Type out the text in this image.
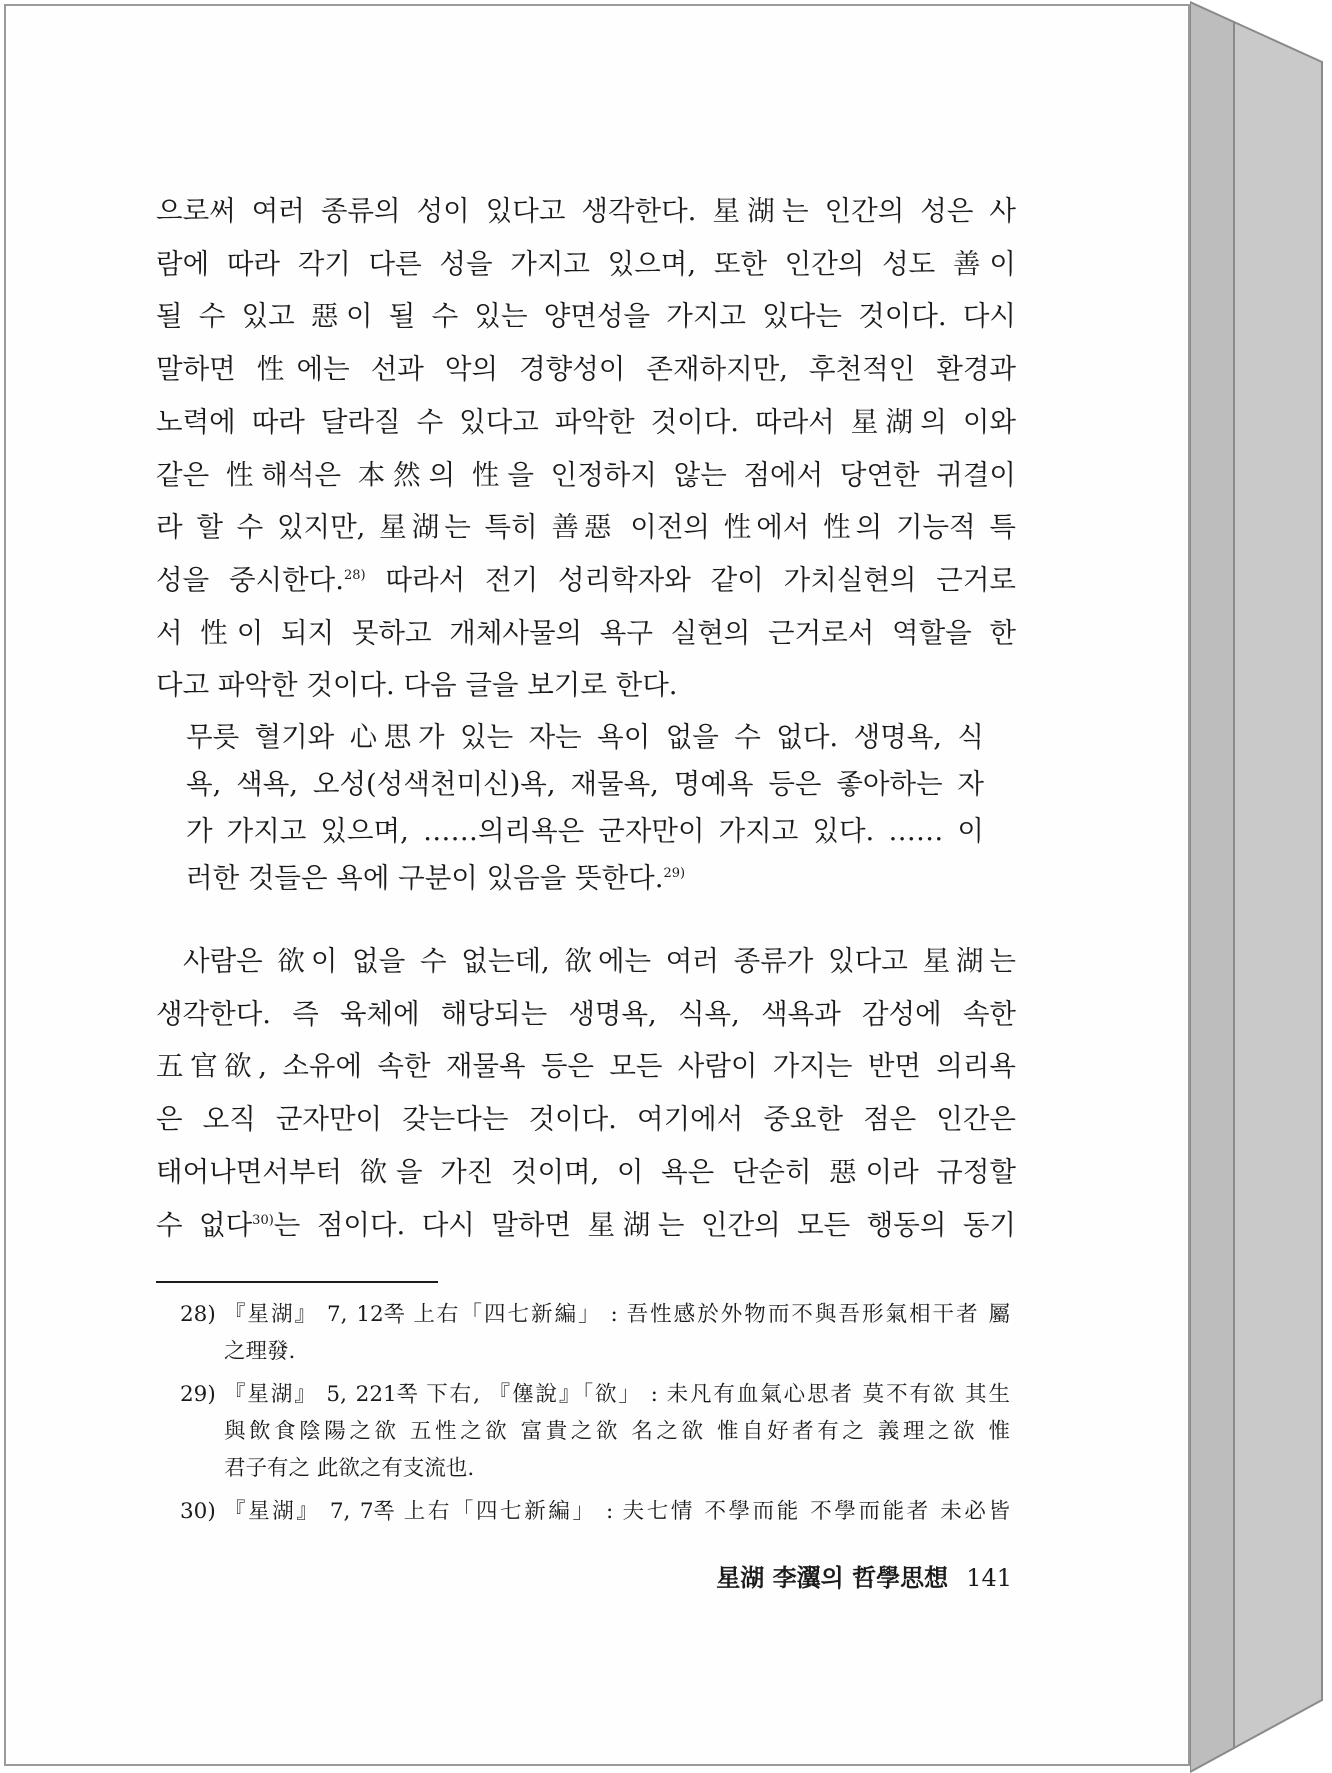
으로써 여러 종류의 성이 있다고 생각한다. 星湖는 인간의 성은 사
람에 따라 각기 다른 성을 가지고 있으며, 또한 인간의 성도 善이
될 수 있고 惡이 될 수 있는 양면성을 가지고 있다는 것이다. 다시
말하면 性에는 선과 악의 경향성이 존재하지만, 후천적인 환경과
노력에 따라 달라질 수 있다고 파악한 것이다. 따라서 星湖의 이와
같은 性해석은 本然의 性을 인정하지 않는 점에서 당연한 귀결이
라 할 수 있지만, 星湖는 특히 善惡 이전의 性에서 性의 기능적 특
성을 중시한다.$^{28)}$ 따라서 전기 성리학자와 같이 가치실현의 근거로
서 性이 되지 못하고 개체사물의 욕구 실현의 근거로서 역할을 한
다고 파악한 것이다. 다음 글을 보기로 한다.
무릇 혈기와 心思가 있는 자는 욕이 없을 수 없다. 생명욕, 식
욕, 색욕, 오성(성색천미신)욕, 재물욕, 명예욕 등은 좋아하는 자
가 가지고 있으며, ……의리욕은 군자만이 가지고 있다. …… 이
러한 것들은 욕에 구분이 있음을 뜻한다.$^{29)}$
사람은 欲이 없을 수 없는데, 欲에는 여러 종류가 있다고 星湖는
생각한다. 즉 육체에 해당되는 생명욕, 식욕, 색욕과 감성에 속한
五官欲, 소유에 속한 재물욕 등은 모든 사람이 가지는 반면 의리욕
은 오직 군자만이 갖는다는 것이다. 여기에서 중요한 점은 인간은
태어나면서부터 欲을 가진 것이며, 이 욕은 단순히 惡이라 규정할
수 없다$^{30)}$는 점이다. 다시 말하면 星湖는 인간의 모든 행동의 동기
28) 『星湖』 7, 12쪽 上右「四七新編」 : 吾性感於外物而不與吾形氣相干者 屬
之理發.
29) 『星湖』 5, 221쪽 下右, 『僿說』「欲」 : 未凡有血氣心思者 莫不有欲 其生
與飲食陰陽之欲 五性之欲 富貴之欲 名之欲 惟自好者有之 義理之欲 惟
君子有之 此欲之有支流也.
30) 『星湖』 7, 7쪽 上右「四七新編」 : 夫七情 不學而能 不學而能者 未必皆
星湖 李瀷의 哲學思想 141
